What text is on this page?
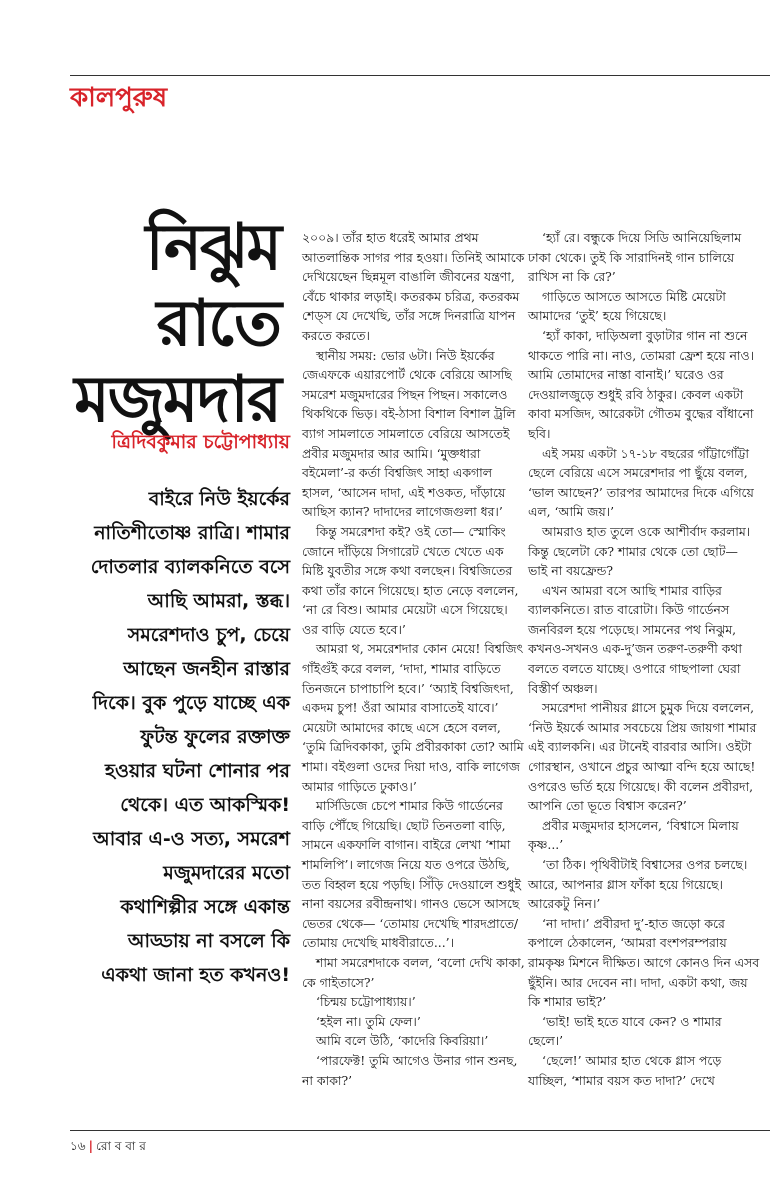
কালপুরুষ
নিঝুম
রাতে
মজুমদার
ত্রিদিবকুমার চট্টোপাধ্যায়
বাইরে নিউ ইয়র্কের
নাতিশীতোষ্ণ রাত্রি। শামার
দোতলার ব্যালকনিতে বসে
আছি আমরা, স্তব্ধ।
সমরেশদাও চুপ, চেয়ে
আছেন জনহীন রাস্তার
দিকে। বুক পুড়ে যাচ্ছে এক
ফুটন্ত ফুলের রক্তাক্ত
হওয়ার ঘটনা শোনার পর
থেকে। এত আকস্মিক!
আবার এ-ও সত্য, সমরেশ
মজুমদারের মতো
কথাশিল্পীর সঙ্গে একান্ত
আড্ডায় না বসলে কি
একথা জানা হত কখনও!

২০০৯। তাঁর হাত ধরেই আমার প্রথম আতলান্তিক সাগর পার হওয়া। তিনিই আমাকে দেখিয়েছেন ছিন্নমূল বাঙালি জীবনের যন্ত্রণা, বেঁচে থাকার লড়াই। কতরকম চরিত্র, কতরকম শেড্স যে দেখেছি, তাঁর সঙ্গে দিনরাত্রি যাপন করতে করতে।

স্থানীয় সময়: ভোর ৬টা। নিউ ইয়র্কের জেএফকে এয়ারপোর্ট থেকে বেরিয়ে আসছি সমরেশ মজুমদারের পিছন পিছন। সকালেও থিকথিকে ভিড়। বই-ঠাসা বিশাল বিশাল ট্রলি ব্যাগ সামলাতে সামলাতে বেরিয়ে আসতেই প্রবীর মজুমদার আর আমি। ‘মুক্তধারা বইমেলা’-র কর্তা বিশ্বজিৎ সাহা একগাল হাসল, ‘আসেন দাদা, এই শওকত, দাঁড়ায়ে আছিস ক্যান? দাদাদের লাগেজগুলা ধর।’

কিন্তু সমরেশদা কই? ওই তো— স্মোকিং জোনে দাঁড়িয়ে সিগারেট খেতে খেতে এক মিষ্টি যুবতীর সঙ্গে কথা বলছেন। বিশ্বজিতের কথা তাঁর কানে গিয়েছে। হাত নেড়ে বললেন, ‘না রে বিশু। আমার মেয়েটা এসে গিয়েছে। ওর বাড়ি যেতে হবে।’

আমরা থ, সমরেশদার কোন মেয়ে! বিশ্বজিৎ গাঁইগুঁই করে বলল, ‘দাদা, শামার বাড়িতে তিনজনে চাপাচাপি হবে।’ ‘অ্যাই বিশ্বজিৎদা, একদম চুপ! ওঁরা আমার বাসাতেই যাবে।’ মেয়েটা আমাদের কাছে এসে হেসে বলল, ‘তুমি ত্রিদিবকাকা, তুমি প্রবীরকাকা তো? আমি শামা। বইগুলা ওদের দিয়া দাও, বাকি লাগেজ আমার গাড়িতে ঢুকাও।’

মার্সিডিজে চেপে শামার কিউ গার্ডেনের বাড়ি পৌঁছে গিয়েছি। ছোট তিনতলা বাড়ি, সামনে একফালি বাগান। বাইরে লেখা ‘শামা শামলিপি’। লাগেজ নিয়ে যত ওপরে উঠছি, তত বিহ্বল হয়ে পড়ছি। সিঁড়ি দেওয়ালে শুধুই নানা বয়সের রবীন্দ্রনাথ। গানও ভেসে আসছে ভেতর থেকে— ‘তোমায় দেখেছি শারদপ্রাতে/ তোমায় দেখেছি মাধবীরাতে...’।

শামা সমরেশদাকে বলল, ‘বলো দেখি কাকা, কে গাইতাসে?’

‘চিন্ময় চট্টোপাধ্যায়।’

‘হইল না। তুমি ফেল।’

আমি বলে উঠি, ‘কাদেরি কিবরিয়া।’

‘পারফেক্ট! তুমি আগেও উনার গান শুনছ, না কাকা?’

‘হ্যাঁ রে। বন্ধুকে দিয়ে সিডি আনিয়েছিলাম ঢাকা থেকে। তুই কি সারাদিনই গান চালিয়ে রাখিস না কি রে?’

গাড়িতে আসতে আসতে মিষ্টি মেয়েটা আমাদের ‘তুই’ হয়ে গিয়েছে।

‘হ্যাঁ কাকা, দাড়িঅলা বুড়াটার গান না শুনে থাকতে পারি না। নাও, তোমরা ফ্রেশ হয়ে নাও। আমি তোমাদের নাস্তা বানাই।’ ঘরেও ওর দেওয়ালজুড়ে শুধুই রবি ঠাকুর। কেবল একটা কাবা মসজিদ, আরেকটা গৌতম বুদ্ধের বাঁধানো ছবি।

এই সময় একটা ১৭-১৮ বছরের গাঁট্টাগোঁট্টা ছেলে বেরিয়ে এসে সমরেশদার পা ছুঁয়ে বলল, ‘ভাল আছেন?’ তারপর আমাদের দিকে এগিয়ে এল, ‘আমি জয়।’

আমরাও হাত তুলে ওকে আশীর্বাদ করলাম। কিন্তু ছেলেটা কে? শামার থেকে তো ছোট— ভাই না বয়ফ্রেন্ড?

এখন আমরা বসে আছি শামার বাড়ির ব্যালকনিতে। রাত বারোটা। কিউ গার্ডেনস জনবিরল হয়ে পড়েছে। সামনের পথ নিঝুম, কখনও-সখনও এক-দু’জন তরুণ-তরুণী কথা বলতে বলতে যাচ্ছে। ওপারে গাছপালা ঘেরা বিস্তীর্ণ অঞ্চল।

সমরেশদা পানীয়র গ্লাসে চুমুক দিয়ে বললেন, ‘নিউ ইয়র্কে আমার সবচেয়ে প্রিয় জায়গা শামার এই ব্যালকনি। এর টানেই বারবার আসি। ওইটা গোরস্থান, ওখানে প্রচুর আত্মা বন্দি হয়ে আছে! ওপরেও ভর্তি হয়ে গিয়েছে। কী বলেন প্রবীরদা, আপনি তো ভূতে বিশ্বাস করেন?’

প্রবীর মজুমদার হাসলেন, ‘বিশ্বাসে মিলায় কৃষ্ণ...’

‘তা ঠিক। পৃথিবীটাই বিশ্বাসের ওপর চলছে। আরে, আপনার গ্লাস ফাঁকা হয়ে গিয়েছে। আরেকটু নিন।’

‘না দাদা।’ প্রবীরদা দু’-হাত জড়ো করে কপালে ঠেকালেন, ‘আমরা বংশপরম্পরায় রামকৃষ্ণ মিশনে দীক্ষিত। আগে কোনও দিন এসব ছুঁইনি। আর দেবেন না। দাদা, একটা কথা, জয় কি শামার ভাই?’

‘ভাই! ভাই হতে যাবে কেন? ও শামার ছেলে।’

‘ছেলে!’ আমার হাত থেকে গ্লাস পড়ে যাচ্ছিল, ‘শামার বয়স কত দাদা?’ দেখে

১৬ | রো ব বা র
